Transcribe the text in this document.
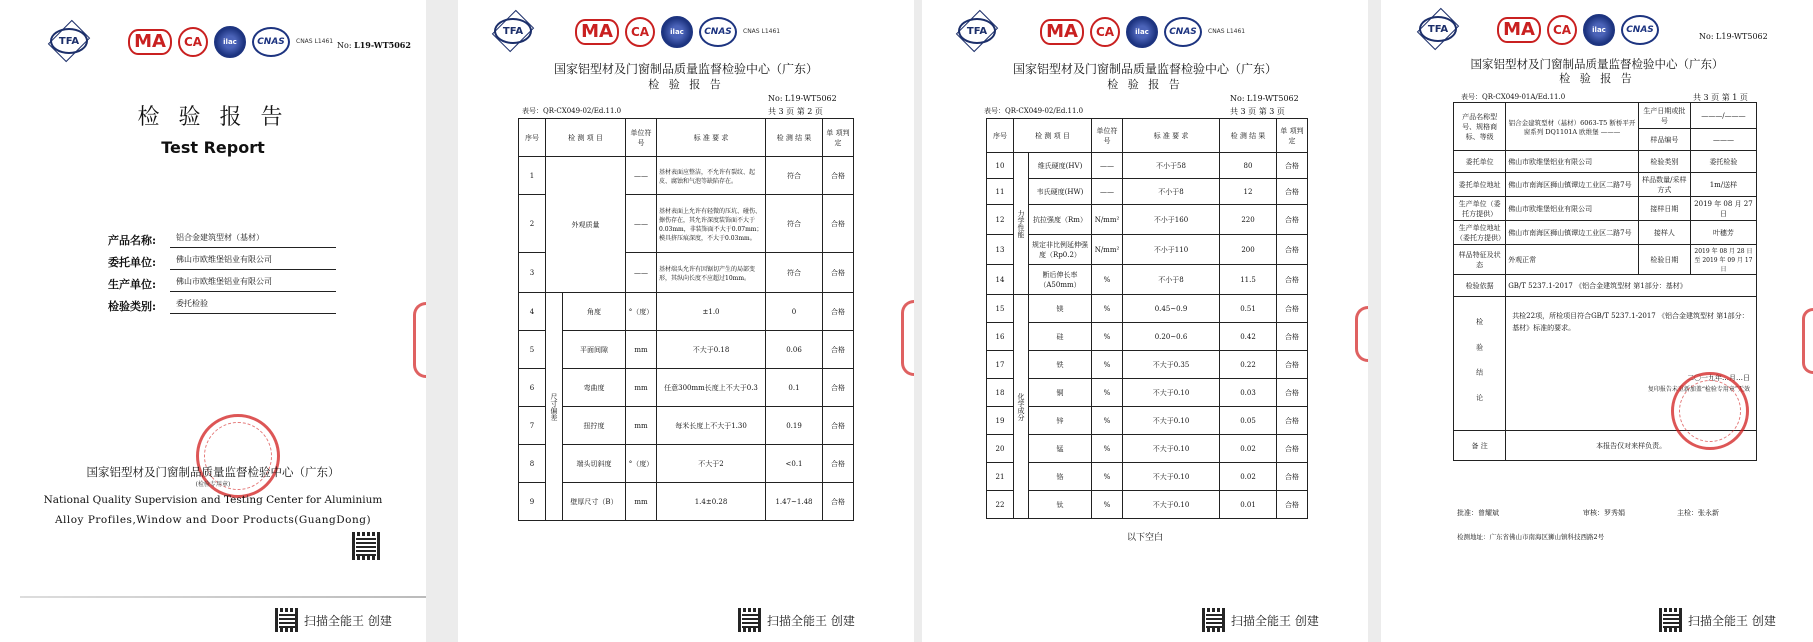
TFA	MA	CA	ilac	CNAS	CNAS L1461 No: L19-WT5062
检 验 报 告
Test Report
产品名称:	铝合金建筑型材（基材）
委托单位:	佛山市欧维堡铝业有限公司
生产单位:	佛山市欧维堡铝业有限公司
检验类别:	委托检验
国家铝型材及门窗制品质量监督检验中心（广东）
(检验专用章)
National Quality Supervision and Testing Center for Aluminium
Alloy Profiles,Window and Door Products(GuangDong)
扫描全能王 创建
TFA	MA	CA	ilac	CNAS	CNAS L1461
国家铝型材及门窗制品质量监督检验中心（广东）
检 验 报 告
No: L19-WT5062
表号：QR-CX049-02/Ed.11.0	共 3 页 第 2 页
序号	检 测 项 目		单位符号	标 准 要 求	检 测 结 果	单 项判 定
1	外观质量		——	基材表面应整洁，不允许有裂纹、起皮、腐蚀和气泡等缺陷存在。	符合	合格
2			——	基材表面上允许有轻微的压坑、碰伤、擦伤存在，其允许深度装饰面不大于0.03mm，非装饰面不大于0.07mm；模具挤压痕深度，不大于0.03mm。	符合	合格
3			——	基材端头允许有因锯切产生的局部变形，其纵向长度不应超过10mm。	符合	合格
4	尺寸偏差	角度	°（度）	±1.0	0	合格
5		平面间隙	mm	不大于0.18	0.06	合格
6		弯曲度	mm	任意300mm长度上不大于0.3	0.1	合格
7		扭拧度	mm	每米长度上不大于1.30	0.19	合格
8		端头切斜度	°（度）	不大于2	<0.1	合格
9		壁厚尺寸（B）	mm	1.4±0.28	1.47~1.48	合格
扫描全能王 创建
TFA	MA	CA	ilac	CNAS	CNAS L1461
国家铝型材及门窗制品质量监督检验中心（广东）
检 验 报 告
No: L19-WT5062
表号：QR-CX049-02/Ed.11.0	共 3 页 第 3 页
序号	检 测 项 目		单位符号	标 准 要 求	检 测 结 果	单 项判 定
10	力学性能	维氏硬度(HV)	——	不小于58	80	合格
11		韦氏硬度(HW)	——	不小于8	12	合格
12		抗拉强度（Rm）	N/mm²	不小于160	220	合格
13		规定非比例延伸强度（Rp0.2）	N/mm²	不小于110	200	合格
14		断后伸长率（A50mm）	%	不小于8	11.5	合格
15	化学成分	镁	%	0.45~0.9	0.51	合格
16		硅	%	0.20~0.6	0.42	合格
17		铁	%	不大于0.35	0.22	合格
18		铜	%	不大于0.10	0.03	合格
19		锌	%	不大于0.10	0.05	合格
20		锰	%	不大于0.10	0.02	合格
21		铬	%	不大于0.10	0.02	合格
22		钛	%	不大于0.10	0.01	合格
以下空白
扫描全能王 创建
TFA	MA	CA	ilac	CNAS
No: L19-WT5062
国家铝型材及门窗制品质量监督检验中心（广东）
检 验 报 告
表号：QR-CX049-01A/Ed.11.0	共 3 页 第 1 页
产品名称型号、规格商标、等级	铝合金建筑型材（基材）6063-T5 断桥平开窗系列 DQ1101A 欧维堡 ———	生产日期或批号	———/———
		样品编号	———
委托单位	佛山市欧维堡铝业有限公司	检验类别	委托检验
委托单位地址	佛山市南海区狮山镇谭边工业区二路7号	样品数量/采样方式	1m/送样
生产单位（委托方提供）	佛山市欧维堡铝业有限公司	接样日期	2019 年 08 月 27 日
生产单位地址（委托方提供）	佛山市南海区狮山镇谭边工业区二路7号	接样人	叶穗芳
样品特征及状态	外观正常	检验日期	2019 年 08 月 28 日至 2019 年 09 月 17 日
检验依据	GB/T 5237.1-2017 《铝合金建筑型材 第1部分：基材》		
检 验 结 论	共检22项，所检项目符合GB/T 5237.1-2017 《铝合金建筑型材 第1部分：基材》标准的要求。
二〇一九年…月…日
复印报告未重新加盖“检验专用章”无效		

备 注	本报告仅对来样负责。		
批准：曾耀斌	审核：罗秀娟	主检：张永新
检测地址：广东省佛山市南海区狮山镇科技西路2号
扫描全能王 创建
